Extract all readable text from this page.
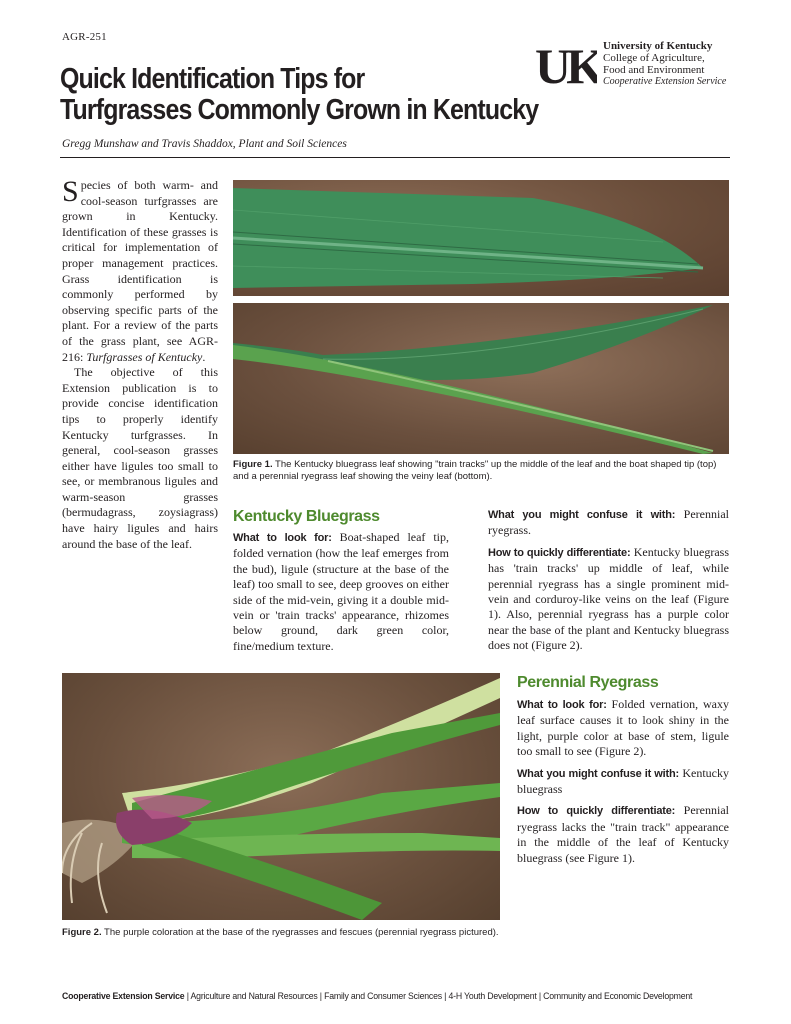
AGR-251
Quick Identification Tips for
Turfgrasses Commonly Grown in Kentucky
Gregg Munshaw and Travis Shaddox, Plant and Soil Sciences
UK University of Kentucky
College of Agriculture,
Food and Environment
Cooperative Extension Service

Species of both warm- and cool-season turfgrasses are grown in Kentucky. Identification of these grasses is critical for implementation of proper management practices. Grass identification is commonly performed by observing specific parts of the plant. For a review of the parts of the grass plant, see AGR-216: Turfgrasses of Kentucky.

The objective of this Extension publication is to provide concise identification tips to properly identify Kentucky turfgrasses. In general, cool-season grasses either have ligules too small to see, or membranous ligules and warm-season grasses (bermudagrass, zoysiagrass) have hairy ligules and hairs around the base of the leaf.

Figure 1. The Kentucky bluegrass leaf showing "train tracks" up the middle of the leaf and the boat shaped tip (top) and a perennial ryegrass leaf showing the veiny leaf (bottom).
Kentucky Bluegrass

What to look for: Boat-shaped leaf tip, folded vernation (how the leaf emerges from the bud), ligule (structure at the base of the leaf) too small to see, deep grooves on either side of the mid-vein, giving it a double mid-vein or 'train tracks' appearance, rhizomes below ground, dark green color, fine/medium texture.

What you might confuse it with: Perennial ryegrass.

How to quickly differentiate: Kentucky bluegrass has 'train tracks' up middle of leaf, while perennial ryegrass has a single prominent mid-vein and corduroy-like veins on the leaf (Figure 1). Also, perennial ryegrass has a purple color near the base of the plant and Kentucky bluegrass does not (Figure 2).

Figure 2. The purple coloration at the base of the ryegrasses and fescues (perennial ryegrass pictured).
Perennial Ryegrass

What to look for: Folded vernation, waxy leaf surface causes it to look shiny in the light, purple color at base of stem, ligule too small to see (Figure 2).

What you might confuse it with: Kentucky bluegrass

How to quickly differentiate: Perennial ryegrass lacks the "train track" appearance in the middle of the leaf of Kentucky bluegrass (see Figure 1).

Cooperative Extension Service | Agriculture and Natural Resources | Family and Consumer Sciences | 4-H Youth Development | Community and Economic Development
